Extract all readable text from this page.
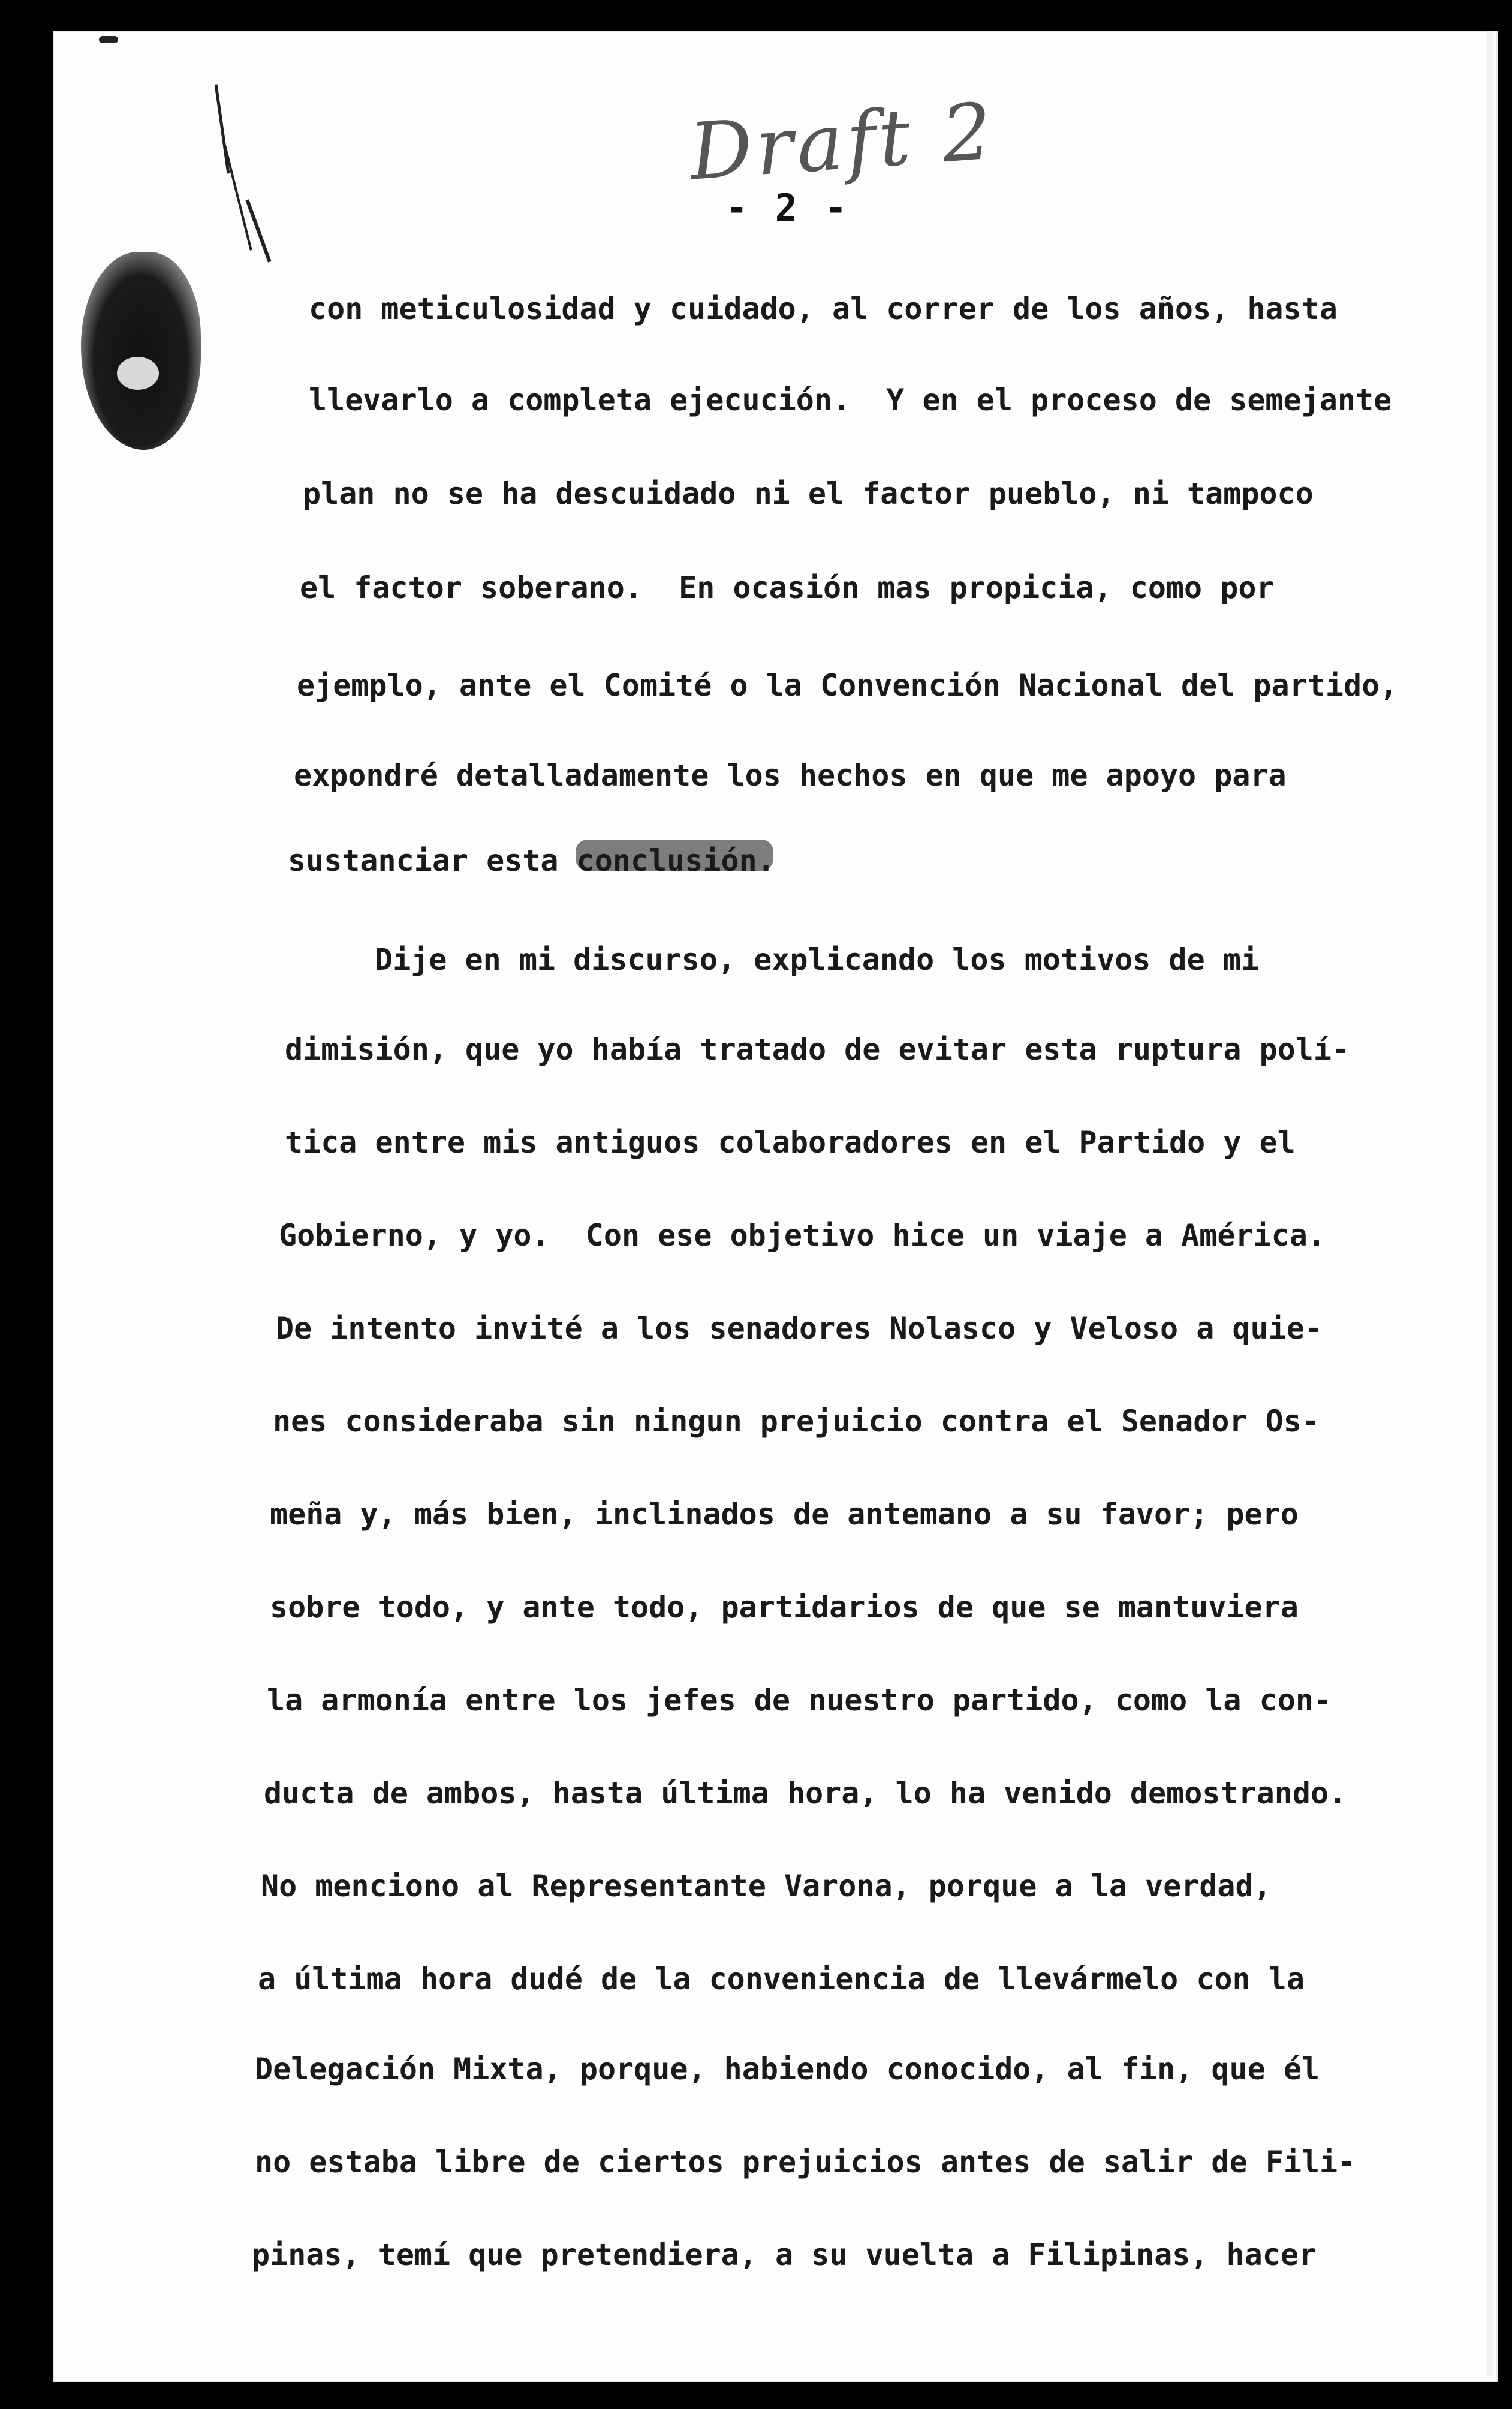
Draft 2
- 2 -
con meticulosidad y cuidado, al correr de los años, hasta
llevarlo a completa ejecución.  Y en el proceso de semejante
plan no se ha descuidado ni el factor pueblo, ni tampoco
el factor soberano.  En ocasión mas propicia, como por
ejemplo, ante el Comité o la Convención Nacional del partido,
expondré detalladamente los hechos en que me apoyo para
sustanciar esta conclusión.
Dije en mi discurso, explicando los motivos de mi
dimisión, que yo había tratado de evitar esta ruptura polí-
tica entre mis antiguos colaboradores en el Partido y el
Gobierno, y yo.  Con ese objetivo hice un viaje a América.
De intento invité a los senadores Nolasco y Veloso a quie-
nes consideraba sin ningun prejuicio contra el Senador Os-
meña y, más bien, inclinados de antemano a su favor; pero
sobre todo, y ante todo, partidarios de que se mantuviera
la armonía entre los jefes de nuestro partido, como la con-
ducta de ambos, hasta última hora, lo ha venido demostrando.
No menciono al Representante Varona, porque a la verdad,
a última hora dudé de la conveniencia de llevármelo con la
Delegación Mixta, porque, habiendo conocido, al fin, que él
no estaba libre de ciertos prejuicios antes de salir de Fili-
pinas, temí que pretendiera, a su vuelta a Filipinas, hacer
